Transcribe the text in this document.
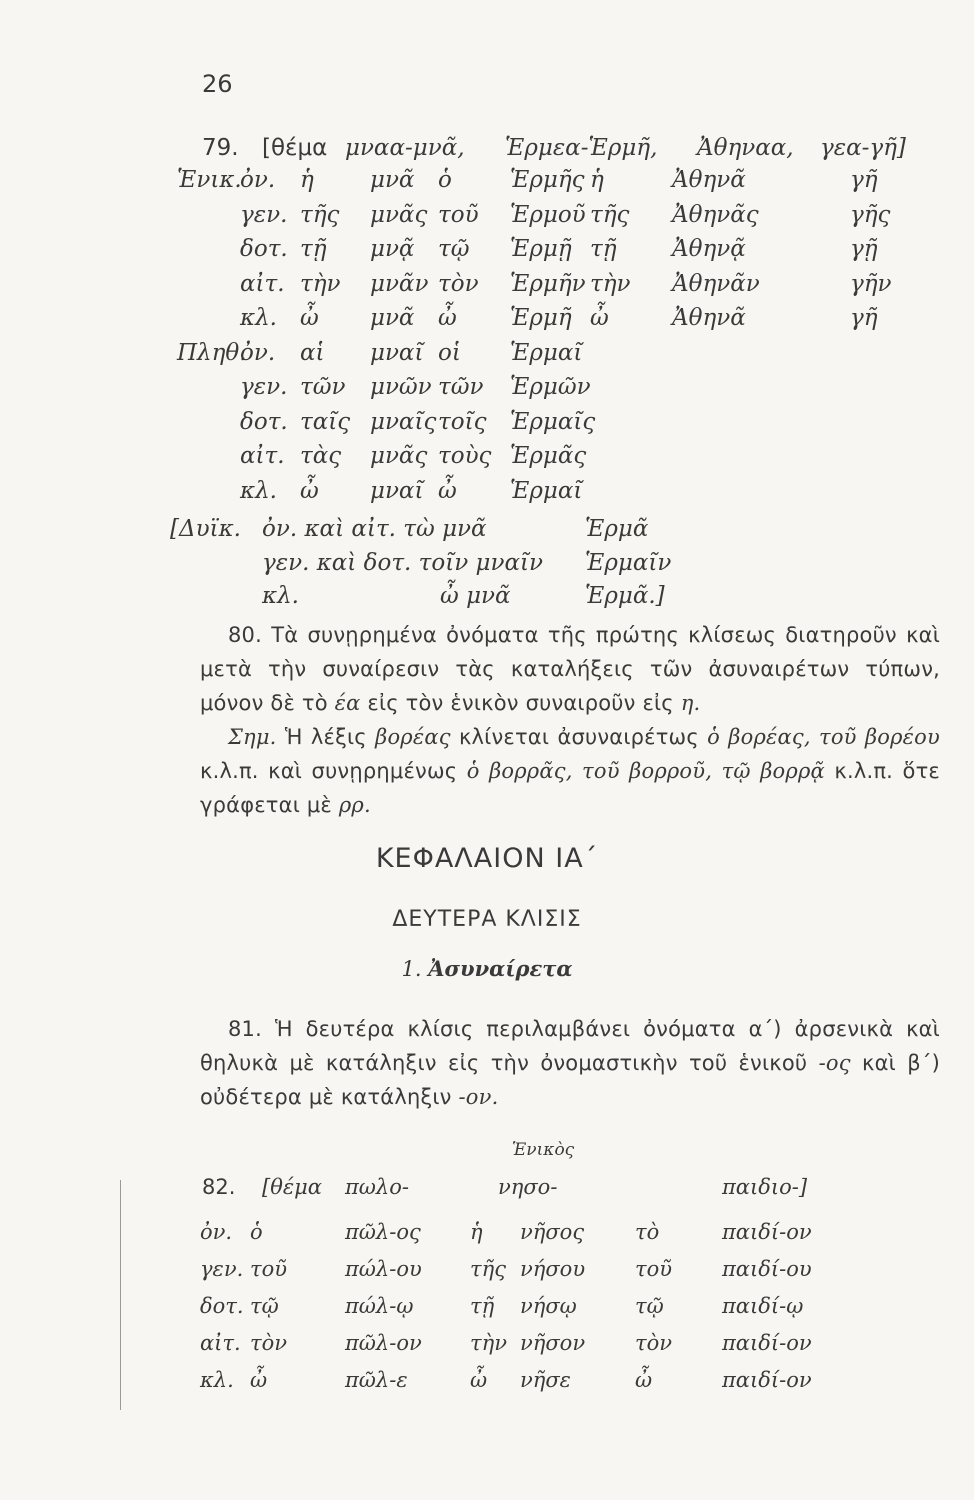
26
79. [θέμα μναα-μνᾶ, Ἑρμεα-Ἑρμῆ, Ἀθηναα, γεα-γῆ]
Ἑνικ.
ὀν. ἡ μνᾶ ὁ	Ἑρμῆς ἡ	Ἀθηνᾶ	γῆ
γεν. τῆς μνᾶς τοῦ Ἑρμοῦ τῆς Ἀθηνᾶς	γῆς
δοτ. τῇ μνᾷ τῷ Ἑρμῇ τῇ Ἀθηνᾷ	γῇ
αἰτ. τὴν μνᾶν τὸν Ἑρμῆν τὴν Ἀθηνᾶν	γῆν
κλ. ὦ μνᾶ ὦ Ἑρμῆ ὦ	Ἀθηνᾶ	γῆ
Πληθ.
ὀν. αἱ μναῖ οἱ Ἑρμαῖ
γεν. τῶν μνῶν τῶν Ἑρμῶν
δοτ. ταῖς μναῖς τοῖς Ἑρμαῖς
αἰτ. τὰς μνᾶς τοὺς Ἑρμᾶς
κλ. ὦ μναῖ ὦ Ἑρμαῖ
[Δυϊκ. ὀν. καὶ αἰτ. τὼ μνᾶ	Ἑρμᾶ
γεν. καὶ δοτ. τοῖν μναῖν Ἑρμαῖν
κλ.	ὦ μνᾶ	Ἑρμᾶ.]

80. Τὰ συνῃρημένα ὀνόματα τῆς πρώτης κλίσεως διατηροῦν καὶ μετὰ τὴν συναίρεσιν τὰς καταλήξεις τῶν ἀσυναιρέτων τύπων, μόνον δὲ τὸ έα εἰς τὸν ἑνικὸν συναιροῦν εἰς η.

Σημ. Ἡ λέξις βορέας κλίνεται ἀσυναιρέτως ὁ βορέας, τοῦ βορέου κ.λ.π. καὶ συνῃρημένως ὁ βορρᾶς, τοῦ βορροῦ, τῷ βορρᾷ κ.λ.π. ὅτε γράφεται μὲ ρρ.

ΚΕΦΑΛΑΙΟΝ ΙΑ΄
ΔΕΥΤΕΡΑ ΚΛΙΣΙΣ
1. Ἀσυναίρετα

81. Ἡ δευτέρα κλίσις περιλαμβάνει ὀνόματα α΄) ἀρσενικὰ καὶ θηλυκὰ μὲ κατάληξιν εἰς τὴν ὀνομαστικὴν τοῦ ἑνικοῦ -ος καὶ β΄) οὐδέτερα μὲ κατάληξιν -ον.

Ἑνικὸς
82. [θέμα πωλο-	νησο-	παιδιο-]
ὀν. ὁ	πῶλ-ος ἡ νῆσος τὸ	παιδί-ον
γεν. τοῦ	πώλ-ου τῆς νήσου τοῦ παιδί-ου
δοτ. τῷ	πώλ-ῳ	τῇ νήσῳ	τῷ	παιδί-ῳ
αἰτ. τὸν	πῶλ-ον τὴν νῆσον τὸν παιδί-ον
κλ. ὦ	πῶλ-ε	ὦ νῆσε	ὦ	παιδί-ον
